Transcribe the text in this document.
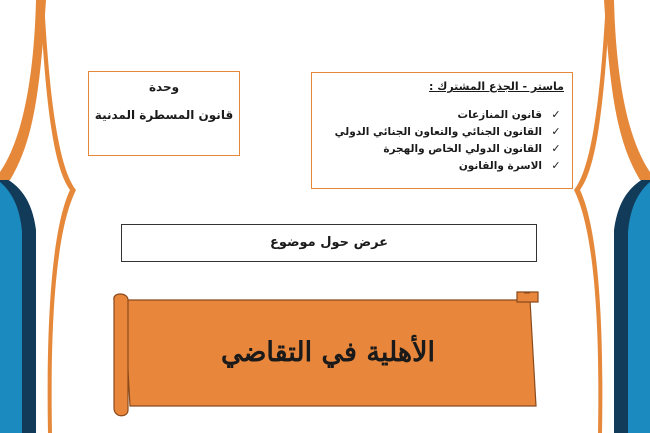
وحدة
قانون المسطرة المدنية
ماستر - الجذع المشترك :
✓قانون المنازعات
✓القانون الجنائي والتعاون الجنائي الدولي
✓القانون الدولي الخاص والهجرة
✓الاسرة والقانون
عرض حول موضوع
الأهلية في التقاضي
